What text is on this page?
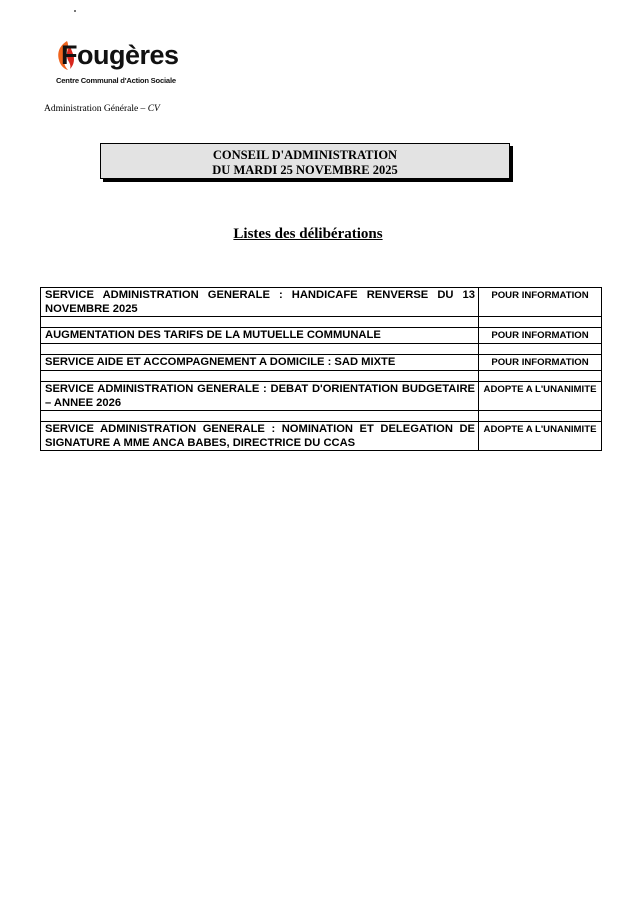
Fougères
Centre Communal d'Action Sociale
Administration Générale – CV
CONSEIL D'ADMINISTRATION
DU MARDI 25 NOVEMBRE 2025
Listes des délibérations
SERVICE ADMINISTRATION GENERALE : HANDICAFE RENVERSE DU 13 NOVEMBRE 2025	POUR INFORMATION

AUGMENTATION DES TARIFS DE LA MUTUELLE COMMUNALE	POUR INFORMATION

SERVICE AIDE ET ACCOMPAGNEMENT A DOMICILE : SAD MIXTE	POUR INFORMATION

SERVICE ADMINISTRATION GENERALE : DEBAT D'ORIENTATION BUDGETAIRE – ANNEE 2026	ADOPTE A L'UNANIMITE

SERVICE ADMINISTRATION GENERALE : NOMINATION ET DELEGATION DE SIGNATURE A MME ANCA BABES, DIRECTRICE DU CCAS	ADOPTE A L'UNANIMITE
